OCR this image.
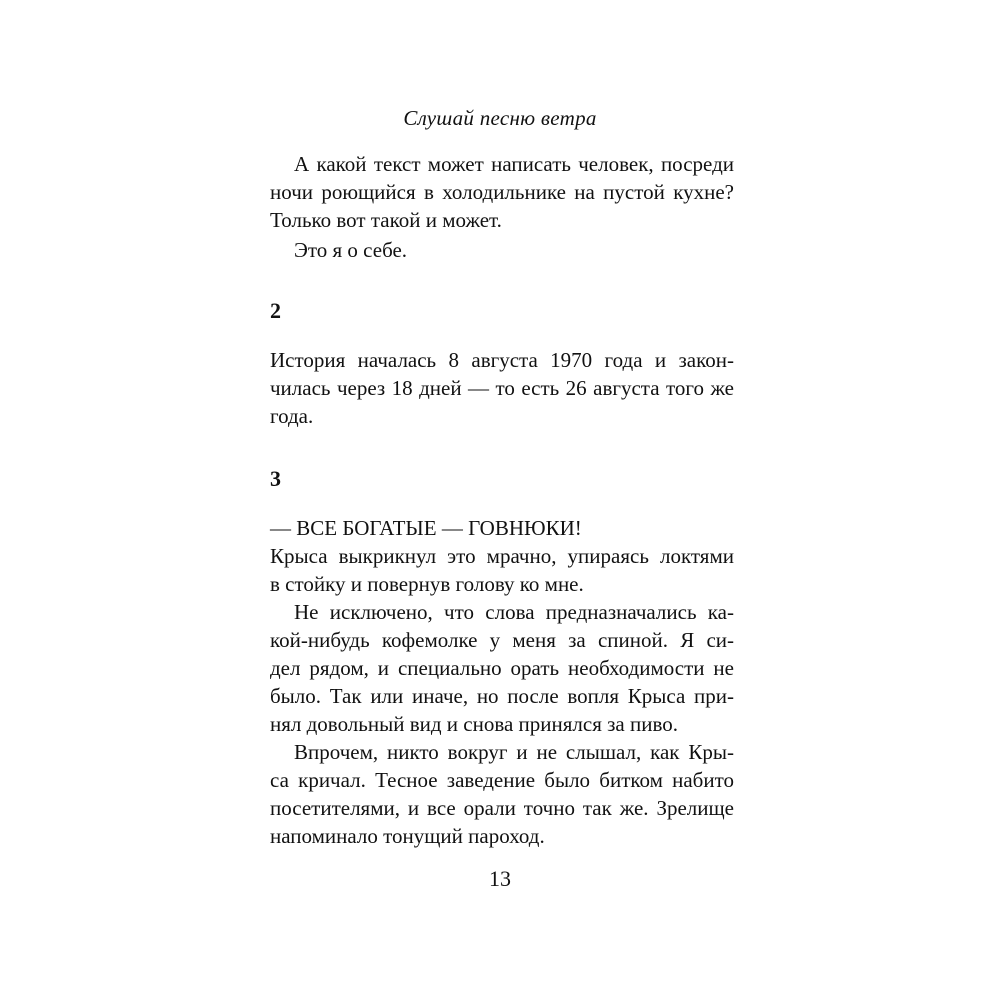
Слушай песню ветра
А какой текст может написать человек, посреди
ночи роющийся в холодильнике на пустой кухне?
Только вот такой и может.
Это я о себе.
2
История началась 8 августа 1970 года и закон-
чилась через 18 дней — то есть 26 августа того же
года.
3
— ВСЕ БОГАТЫЕ — ГОВНЮКИ!
Крыса выкрикнул это мрачно, упираясь локтями
в стойку и повернув голову ко мне.
Не исключено, что слова предназначались ка-
кой-нибудь кофемолке у меня за спиной. Я си-
дел рядом, и специально орать необходимости не
было. Так или иначе, но после вопля Крыса при-
нял довольный вид и снова принялся за пиво.
Впрочем, никто вокруг и не слышал, как Кры-
са кричал. Тесное заведение было битком набито
посетителями, и все орали точно так же. Зрелище
напоминало тонущий пароход.
13
